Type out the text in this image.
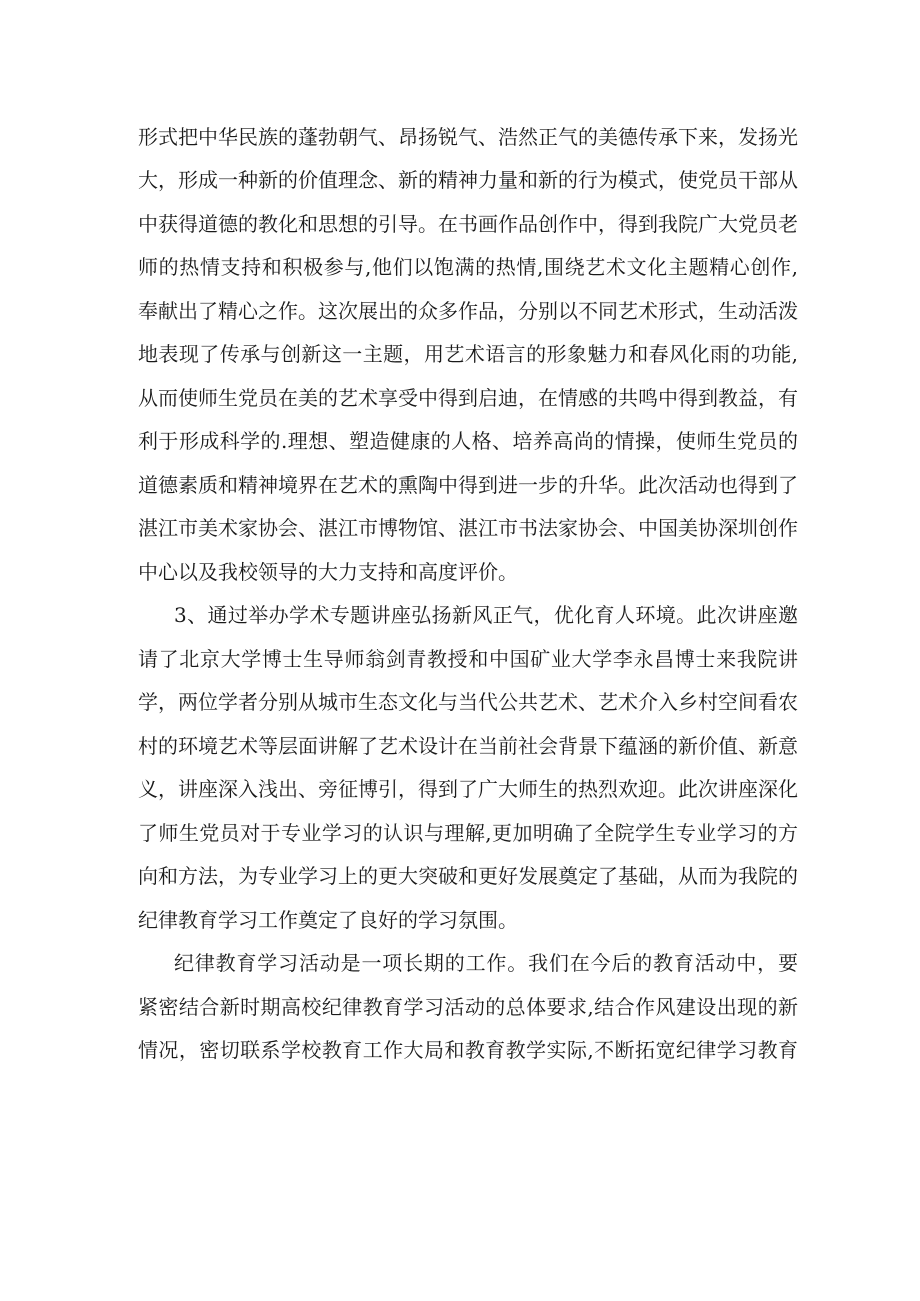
形式把中华民族的蓬勃朝气、昂扬锐气、浩然正气的美德传承下来，发扬光

大，形成一种新的价值理念、新的精神力量和新的行为模式，使党员干部从

中获得道德的教化和思想的引导。在书画作品创作中，得到我院广大党员老

师的热情支持和积极参与,他们以饱满的热情,围绕艺术文化主题精心创作,

奉献出了精心之作。这次展出的众多作品，分别以不同艺术形式，生动活泼

地表现了传承与创新这一主题，用艺术语言的形象魅力和春风化雨的功能,

从而使师生党员在美的艺术享受中得到启迪，在情感的共鸣中得到教益，有

利于形成科学的.理想、塑造健康的人格、培养高尚的情操，使师生党员的

道德素质和精神境界在艺术的熏陶中得到进一步的升华。此次活动也得到了

湛江市美术家协会、湛江市博物馆、湛江市书法家协会、中国美协深圳创作

中心以及我校领导的大力支持和高度评价。

3、通过举办学术专题讲座弘扬新风正气，优化育人环境。此次讲座邀

请了北京大学博士生导师翁剑青教授和中国矿业大学李永昌博士来我院讲

学，两位学者分别从城市生态文化与当代公共艺术、艺术介入乡村空间看农

村的环境艺术等层面讲解了艺术设计在当前社会背景下蕴涵的新价值、新意

义，讲座深入浅出、旁征博引，得到了广大师生的热烈欢迎。此次讲座深化

了师生党员对于专业学习的认识与理解,更加明确了全院学生专业学习的方

向和方法，为专业学习上的更大突破和更好发展奠定了基础，从而为我院的

纪律教育学习工作奠定了良好的学习氛围。

纪律教育学习活动是一项长期的工作。我们在今后的教育活动中，要

紧密结合新时期高校纪律教育学习活动的总体要求,结合作风建设出现的新

情况，密切联系学校教育工作大局和教育教学实际,不断拓宽纪律学习教育
